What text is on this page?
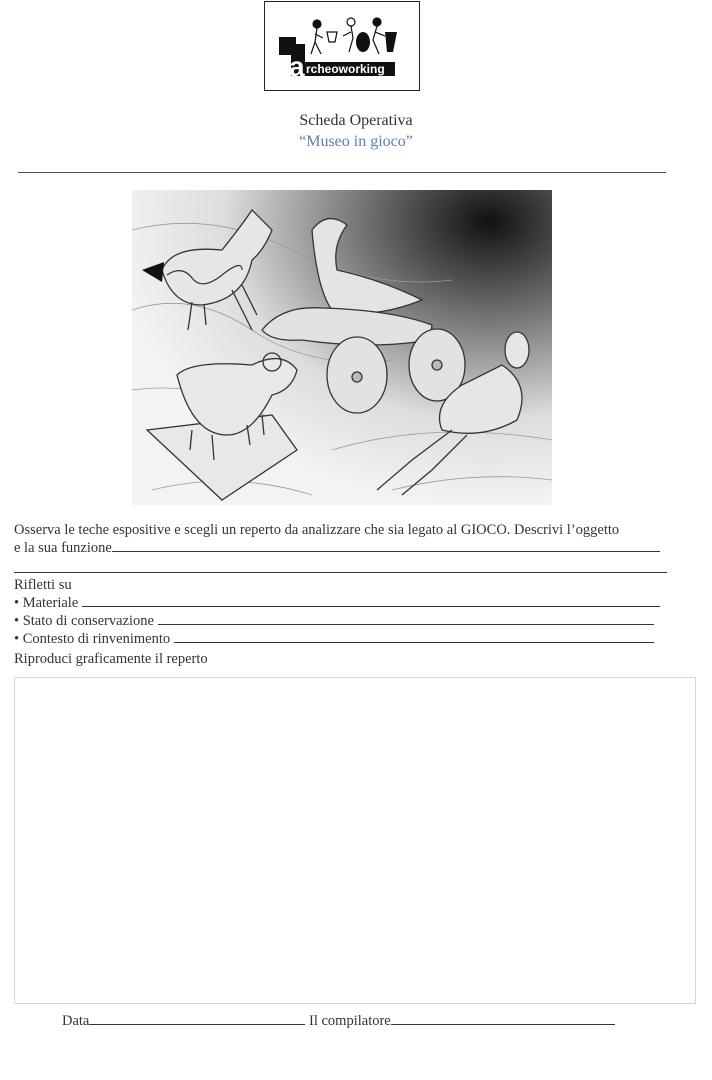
a rcheoworking
Scheda Operativa
“Museo in gioco”
Osserva le teche espositive e scegli un reperto da analizzare che sia legato al GIOCO. Descrivi l’oggetto
e la sua funzione
Rifletti su
• Materiale
• Stato di conservazione
• Contesto di rinvenimento
Riproduci graficamente il reperto
Data	Il compilatore
